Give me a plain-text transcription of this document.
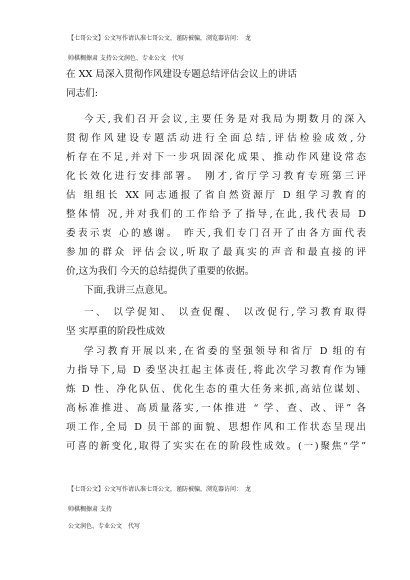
【七哥公文】公文写作请认准七哥公文，谨防被骗，浏览器访问：　龙
帅棋稠擦肃 支持公文润色、专业公文　代写
在 XX 局深入贯彻作风建设专题总结评估会议上的讲话
同志们:
今天,我们召开会议,主要任务是对我局为期数月的深入
贯彻作风建设专题活动进行全面总结,评估检验成效,分
析存在不足,并对下一步巩固深化成果、推动作风建设常态
化长效化进行安排部署。 刚才,省厅学习教育专班第三评
估 组组长 XX 同志通报了省自然资源厅 D 组学习教育的
整体情 况,并对我们的工作给予了指导,在此,我代表局 D
委表示衷 心的感谢。 昨天,我们专门召开了由各方面代表
参加的群众 评估会议,听取了最真实的声音和最直接的评
价,这为我们 今天的总结提供了重要的依据。
下面,我讲三点意见。
一、 以学促知、 以查促醒、 以改促行,学习教育取得
坚 实厚重的阶段性成效
学习教育开展以来,在省委的坚强领导和省厅 D 组的有
力指导下,局 D 委坚决扛起主体责任,将此次学习教育作为锤
炼 D 性、净化队伍、优化生态的重大任务来抓,高站位谋划、
高标准推进、高质量落实,一体推进 “ 学、查、改、评” 各
项工作,全局 D 员干部的面貌、思想作风和工作状态呈现出
可喜的新变化,取得了实实在在的阶段性成效。(一)聚焦“学”
【七哥公文】公文写作请认准七哥公文，谨防被骗，浏览器访问：　龙
帅棋稠擦肃 支持
公文润色、专业公文　代写
